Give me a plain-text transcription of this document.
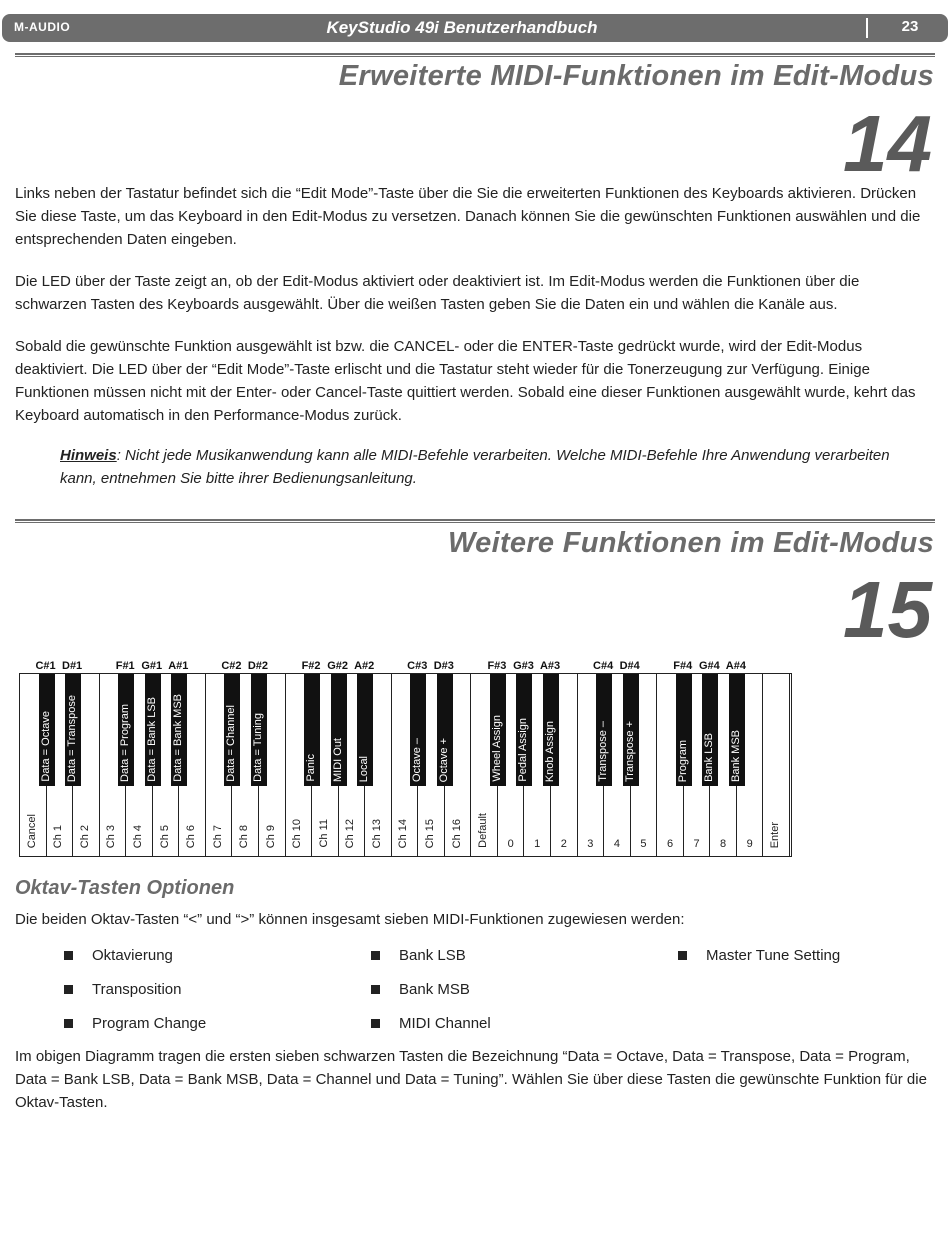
M-AUDIO	KeyStudio 49i Benutzerhandbuch	23
Erweiterte MIDI-Funktionen im Edit-Modus
14

Links neben der Tastatur befindet sich die “Edit Mode”-Taste über die Sie die erweiterten Funktionen des Keyboards aktivieren. Drücken Sie diese Taste, um das Keyboard in den Edit-Modus zu versetzen. Danach können Sie die gewünschten Funktionen auswählen und die entsprechenden Daten eingeben.

Die LED über der Taste zeigt an, ob der Edit-Modus aktiviert oder deaktiviert ist. Im Edit-Modus werden die Funktionen über die schwarzen Tasten des Keyboards ausgewählt. Über die weißen Tasten geben Sie die Daten ein und wählen die Kanäle aus.

Sobald die gewünschte Funktion ausgewählt ist bzw. die CANCEL- oder die ENTER-Taste gedrückt wurde, wird der Edit-Modus deaktiviert. Die LED über der “Edit Mode”-Taste erlischt und die Tastatur steht wieder für die Tonerzeugung zur Verfügung. Einige Funktionen müssen nicht mit der Enter- oder Cancel-Taste quittiert werden. Sobald eine dieser Funktionen ausgewählt wurde, kehrt das Keyboard automatisch in den Performance-Modus zurück.

Hinweis: Nicht jede Musikanwendung kann alle MIDI-Befehle verarbeiten. Welche MIDI-Befehle Ihre Anwendung verarbeiten kann, entnehmen Sie bitte ihrer Bedienungsanleitung.

Weitere Funktionen im Edit-Modus
15
C#1 D#1	F#1 G#1 A#1	C#2 D#2	F#2 G#2 A#2	C#3 D#3	F#3 G#3 A#3	C#4 D#4	F#4 G#4 A#4
Cancel Ch 1 Ch 2 Ch 3 Ch 4 Ch 5 Ch 6 Ch 7 Ch 8 Ch 9 Ch 10 Ch 11 Ch 12 Ch 13 Ch 14 Ch 15 Ch 16 Default	0	1	2	3	4	5	6	7	8	9	Enter
Data = Octave Data = Transpose	Data = Program Data = Bank LSB Data = Bank MSB	Data = Channel Data = Tuning	Panic MIDI Out Local	Octave – Octave +	Wheel Assign Pedal Assign Knob Assign	Transpose – Transpose +	Program Bank LSB Bank MSB
Oktav-Tasten Optionen

Die beiden Oktav-Tasten “<” und “>” können insgesamt sieben MIDI-Funktionen zugewiesen werden:

Oktavierung
Transposition
Program Change
Bank LSB
Bank MSB
MIDI Channel
Master Tune Setting

Im obigen Diagramm tragen die ersten sieben schwarzen Tasten die Bezeichnung “Data = Octave, Data = Transpose, Data = Program, Data = Bank LSB, Data = Bank MSB, Data = Channel und Data = Tuning”. Wählen Sie über diese Tasten die gewünschte Funktion für die Oktav-Tasten.
